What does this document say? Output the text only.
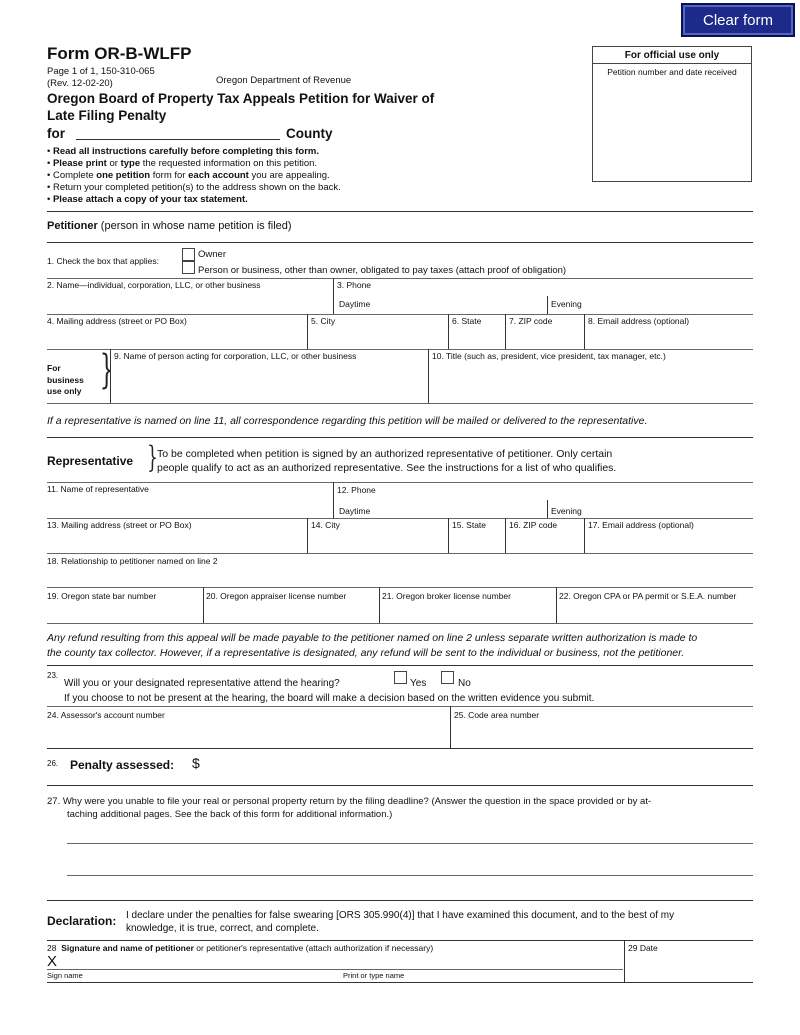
Clear form
Form OR-B-WLFP
Page 1 of 1, 150-310-065
(Rev. 12-02-20)	Oregon Department of Revenue
Oregon Board of Property Tax Appeals Petition for Waiver of
Late Filing Penalty
for	County
For official use only
Petition number and date received
• Read all instructions carefully before completing this form.
• Please print or type the requested information on this petition.
• Complete one petition form for each account you are appealing.
• Return your completed petition(s) to the address shown on the back.
• Please attach a copy of your tax statement.
Petitioner (person in whose name petition is filed)
1. Check the box that applies:
Owner
Person or business, other than owner, obligated to pay taxes (attach proof of obligation)
2. Name—individual, corporation, LLC, or other business	3. Phone
Daytime	Evening
4. Mailing address (street or PO Box)	5. City	6. State	7. ZIP code	8. Email address (optional)
For
business
use only } 9. Name of person acting for corporation, LLC, or other business	10. Title (such as, president, vice president, tax manager, etc.)
If a representative is named on line 11, all correspondence regarding this petition will be mailed or delivered to the representative.
Representative } To be completed when petition is signed by an authorized representative of petitioner. Only certain
people qualify to act as an authorized representative. See the instructions for a list of who qualifies.
11. Name of representative	12. Phone
Daytime	Evening
13. Mailing address (street or PO Box)	14. City	15. State	16. ZIP code	17. Email address (optional)
18. Relationship to petitioner named on line 2
19. Oregon state bar number	20. Oregon appraiser license number	21. Oregon broker license number	22. Oregon CPA or PA permit or S.E.A. number
Any refund resulting from this appeal will be made payable to the petitioner named on line 2 unless separate written authorization is made to
the county tax collector. However, if a representative is designated, any refund will be sent to the individual or business, not the petitioner.
23.
Will you or your designated representative attend the hearing?	Yes	No
If you choose to not be present at the hearing, the board will make a decision based on the written evidence you submit.
24. Assessor's account number	25. Code area number
26. Penalty assessed: $
27. Why were you unable to file your real or personal property return by the filing deadline? (Answer the question in the space provided or by at-
taching additional pages. See the back of this form for additional information.)
Declaration: I declare under the penalties for false swearing [ORS 305.990(4)] that I have examined this document, and to the best of my
knowledge, it is true, correct, and complete.
28 Signature and name of petitioner or petitioner's representative (attach authorization if necessary)
X
Sign name	Print or type name
29 Date
